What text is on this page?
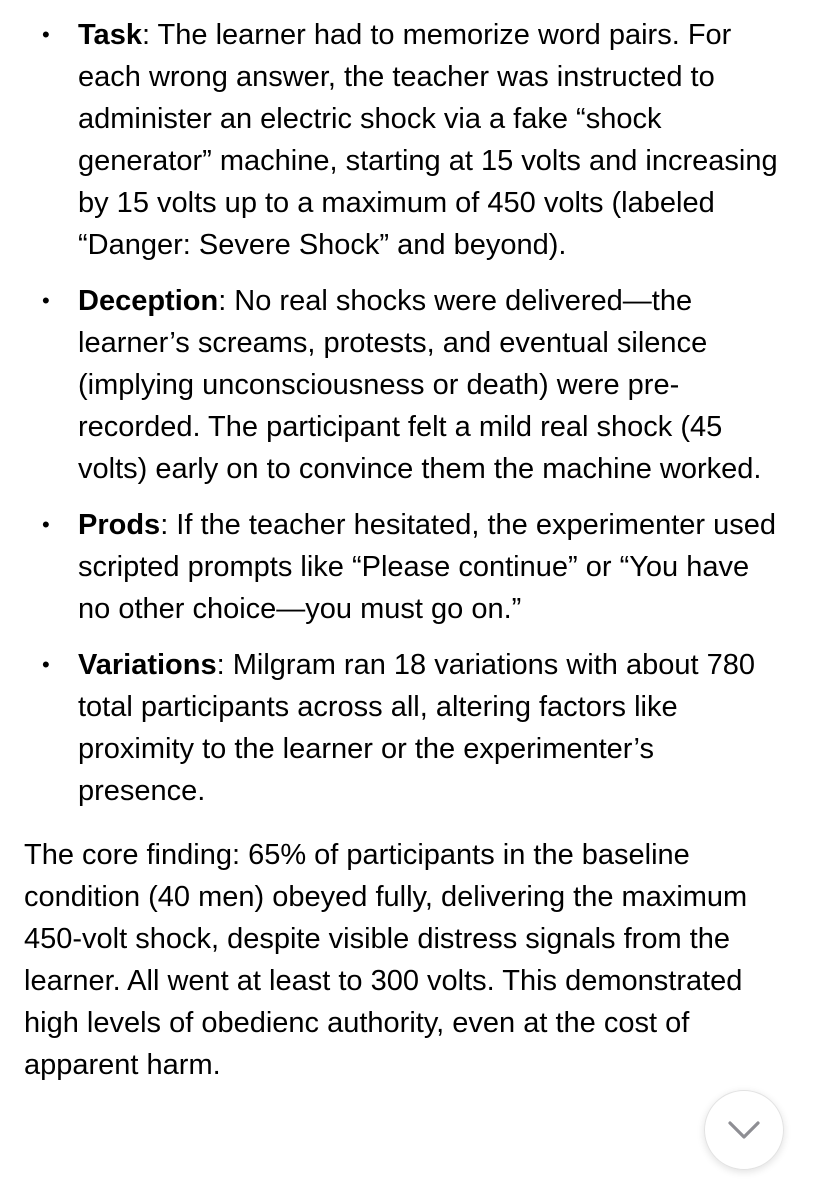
• Task: The learner had to memorize word pairs. For each wrong answer, the teacher was instructed to administer an electric shock via a fake “shock generator” machine, starting at 15 volts and increasing by 15 volts up to a maximum of 450 volts (labeled “Danger: Severe Shock” and beyond).
• Deception: No real shocks were delivered—the learner’s screams, protests, and eventual silence (implying unconsciousness or death) were pre-recorded. The participant felt a mild real shock (45 volts) early on to convince them the machine worked.
• Prods: If the teacher hesitated, the experimenter used scripted prompts like “Please continue” or “You have no other choice—you must go on.”
• Variations: Milgram ran 18 variations with about 780 total participants across all, altering factors like proximity to the learner or the experimenter’s presence.

The core finding: 65% of participants in the baseline condition (40 men) obeyed fully, delivering the maximum 450-volt shock, despite visible distress signals from the learner. All went at least to 300 volts. This demonstrated high levels of obedienc authority, even at the cost of apparent harm.
